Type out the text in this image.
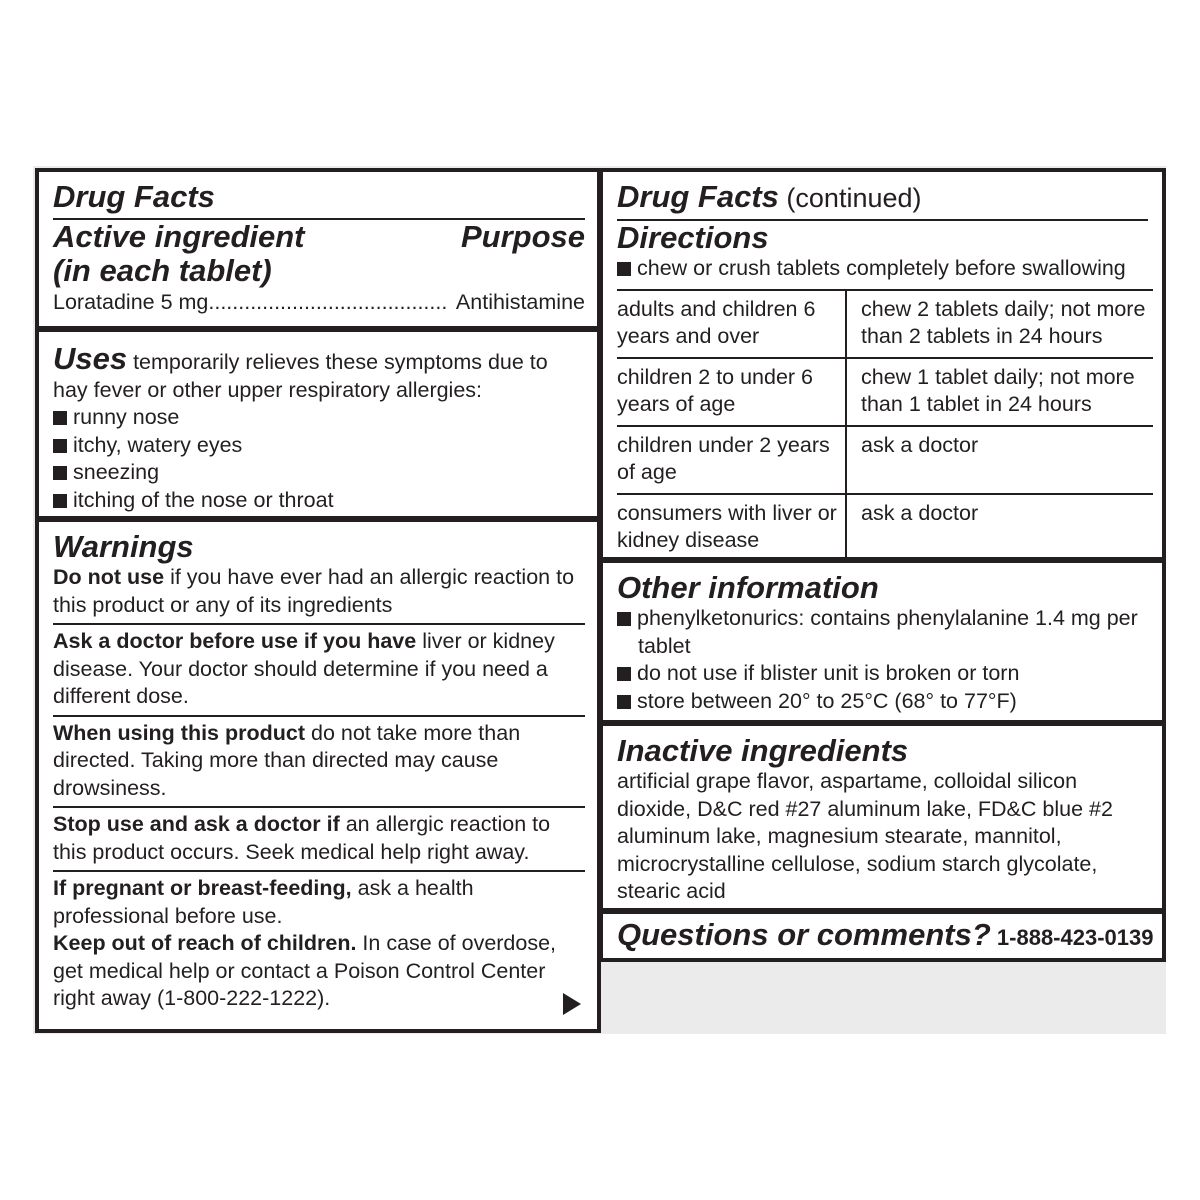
Drug Facts
Active ingredient
(in each tablet)
Purpose
Loratadine 5 mg........................................ Antihistamine
Uses temporarily relieves these symptoms due to hay fever or other upper respiratory allergies:
runny nose
itchy, watery eyes
sneezing
itching of the nose or throat
Warnings
Do not use if you have ever had an allergic reaction to this product or any of its ingredients
Ask a doctor before use if you have liver or kidney disease. Your doctor should determine if you need a different dose.
When using this product do not take more than directed. Taking more than directed may cause drowsiness.
Stop use and ask a doctor if an allergic reaction to this product occurs. Seek medical help right away.
If pregnant or breast-feeding, ask a health professional before use.
Keep out of reach of children. In case of overdose, get medical help or contact a Poison Control Center right away (1-800-222-1222).
Drug Facts (continued)
Directions
chew or crush tablets completely before swallowing
adults and children 6 years and over	chew 2 tablets daily; not more than 2 tablets in 24 hours
children 2 to under 6 years of age	chew 1 tablet daily; not more than 1 tablet in 24 hours
children under 2 years of age	ask a doctor
consumers with liver or kidney disease	ask a doctor
Other information
phenylketonurics: contains phenylalanine 1.4 mg per tablet
do not use if blister unit is broken or torn
store between 20° to 25°C (68° to 77°F)
Inactive ingredients
artificial grape flavor, aspartame, colloidal silicon dioxide, D&C red #27 aluminum lake, FD&C blue #2 aluminum lake, magnesium stearate, mannitol, microcrystalline cellulose, sodium starch glycolate, stearic acid
Questions or comments? 1-888-423-0139
